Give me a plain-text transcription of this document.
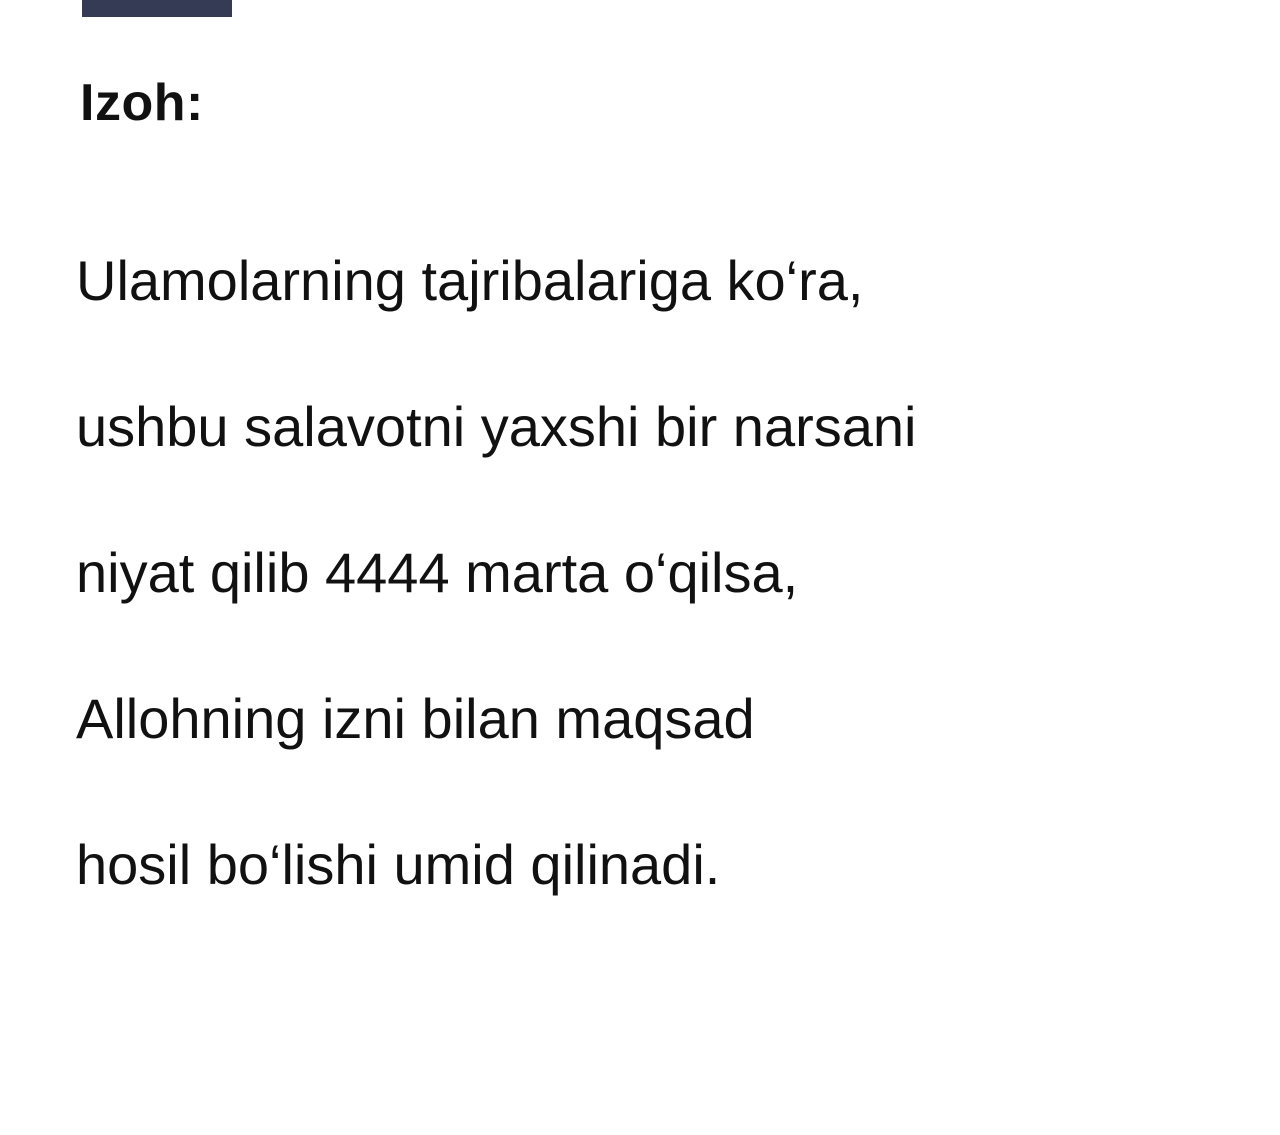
Izoh:
Ulamolarning tajribalariga ko‘ra,
ushbu salavotni yaxshi bir narsani
niyat qilib 4444 marta o‘qilsa,
Allohning izni bilan maqsad
hosil bo‘lishi umid qilinadi.
